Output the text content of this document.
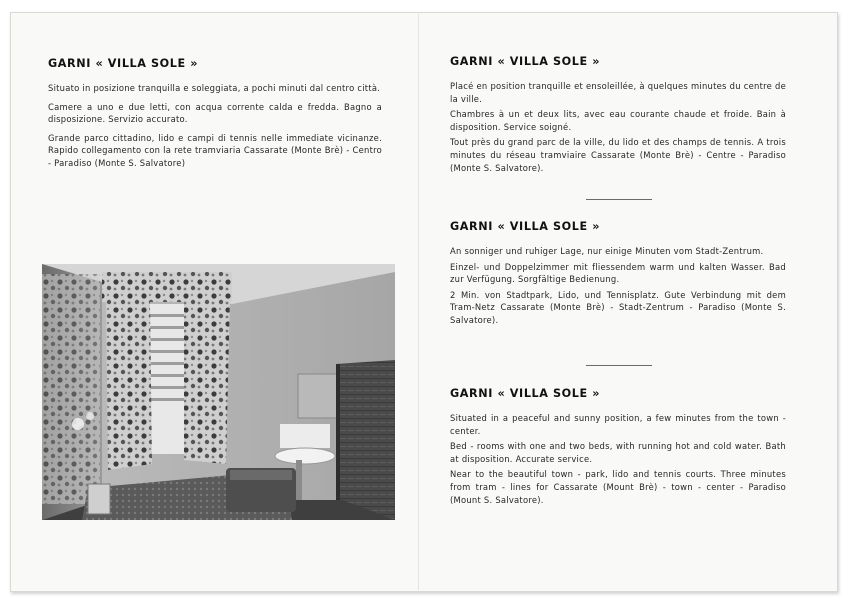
GARNI « VILLA SOLE »

Situato in posizione tranquilla e soleggiata, a pochi minuti dal centro città.

Camere a uno e due letti, con acqua corrente calda e fredda. Bagno a disposizione. Servizio accurato.

Grande parco cittadino, lido e campi di tennis nelle immediate vicinanze. Rapido collegamento con la rete tramviaria Cassarate (Monte Brè) - Centro - Paradiso (Monte S. Salvatore)

GARNI « VILLA SOLE »

Placé en position tranquille et ensoleillée, à quelques minutes du centre de la ville.

Chambres à un et deux lits, avec eau courante chaude et froide. Bain à disposition. Service soigné.

Tout près du grand parc de la ville, du lido et des champs de tennis. A trois minutes du réseau tramviaire Cassarate (Monte Brè) - Centre - Paradiso (Monte S. Salvatore).

GARNI « VILLA SOLE »

An sonniger und ruhiger Lage, nur einige Minuten vom Stadt-Zentrum.

Einzel- und Doppelzimmer mit fliessendem warm und kalten Wasser. Bad zur Verfügung. Sorgfältige Bedienung.

2 Min. von Stadtpark, Lido, und Tennisplatz. Gute Verbindung mit dem Tram-Netz Cassarate (Monte Brè) - Stadt-Zentrum - Paradiso (Monte S. Salvatore).

GARNI « VILLA SOLE »

Situated in a peaceful and sunny position, a few minutes from the town - center.

Bed - rooms with one and two beds, with running hot and cold water. Bath at disposition. Accurate service.

Near to the beautiful town - park, lido and tennis courts. Three minutes from tram - lines for Cassarate (Mount Brè) - town - center - Paradiso (Mount S. Salvatore).
